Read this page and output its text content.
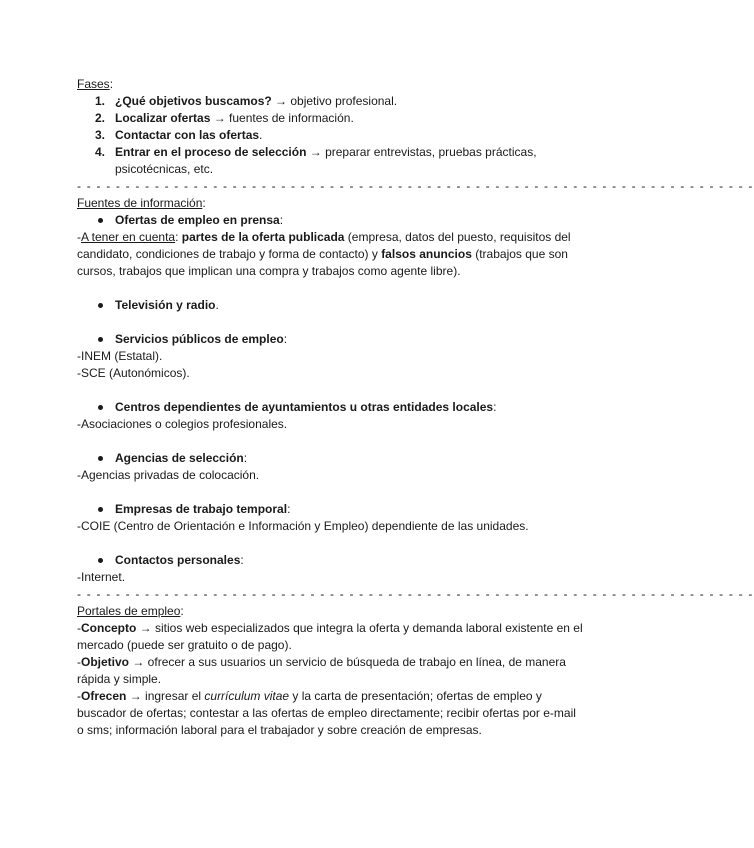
Fases:
1. ¿Qué objetivos buscamos? → objetivo profesional.
2. Localizar ofertas → fuentes de información.
3. Contactar con las ofertas.
4. Entrar en el proceso de selección → preparar entrevistas, pruebas prácticas, psicotécnicas, etc.
- - - - - - - - - - - - - - - - - - - - - - - - - - - - - - - - - - - - - - - - - - - - - - - - - - - - - - - - - - - - - - - - - - - - - -
Fuentes de información:
Ofertas de empleo en prensa:
-A tener en cuenta: partes de la oferta publicada (empresa, datos del puesto, requisitos del candidato, condiciones de trabajo y forma de contacto) y falsos anuncios (trabajos que son cursos, trabajos que implican una compra y trabajos como agente libre).
Televisión y radio.
Servicios públicos de empleo:
-INEM (Estatal).
-SCE (Autonómicos).
Centros dependientes de ayuntamientos u otras entidades locales:
-Asociaciones o colegios profesionales.
Agencias de selección:
-Agencias privadas de colocación.
Empresas de trabajo temporal:
-COIE (Centro de Orientación e Información y Empleo) dependiente de las unidades.
Contactos personales:
-Internet.
- - - - - - - - - - - - - - - - - - - - - - - - - - - - - - - - - - - - - - - - - - - - - - - - - - - - - - - - - - - - - - - - - - - - - -
Portales de empleo:
-Concepto → sitios web especializados que integra la oferta y demanda laboral existente en el mercado (puede ser gratuito o de pago).
-Objetivo → ofrecer a sus usuarios un servicio de búsqueda de trabajo en línea, de manera rápida y simple.
-Ofrecen → ingresar el currículum vitae y la carta de presentación; ofertas de empleo y buscador de ofertas; contestar a las ofertas de empleo directamente; recibir ofertas por e-mail o sms; información laboral para el trabajador y sobre creación de empresas.
